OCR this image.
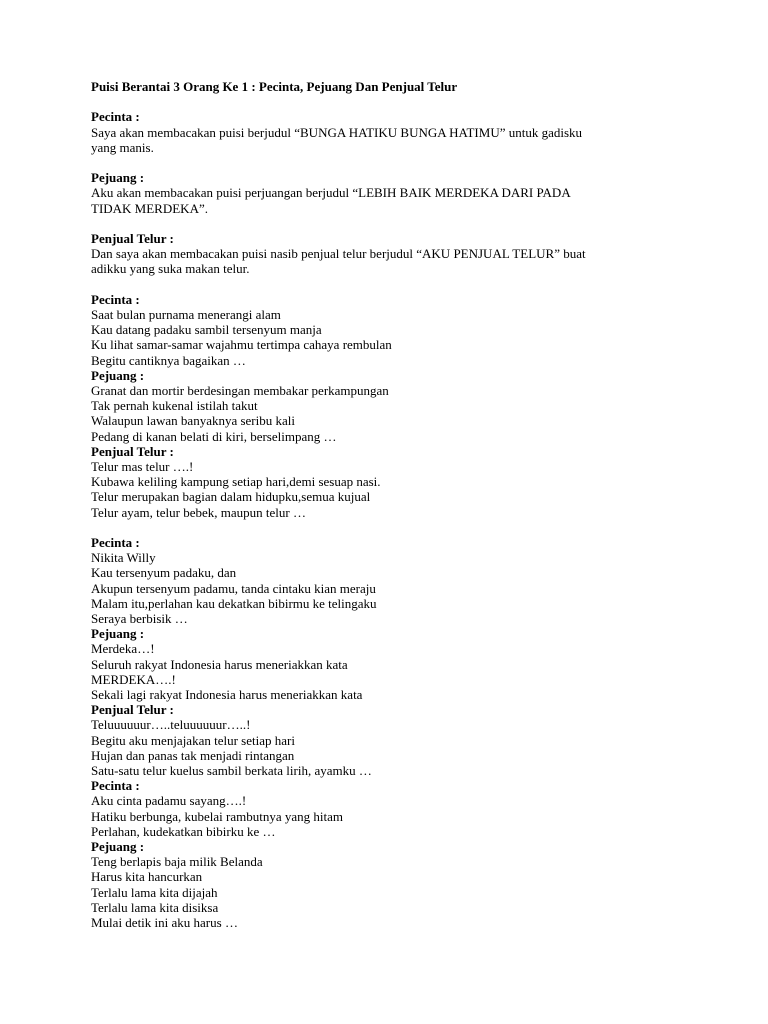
Puisi Berantai 3 Orang Ke 1 : Pecinta, Pejuang Dan Penjual Telur
Pecinta :
Saya akan membacakan puisi berjudul “BUNGA HATIKU BUNGA HATIMU” untuk gadisku
yang manis.
Pejuang :
Aku akan membacakan puisi perjuangan berjudul “LEBIH BAIK MERDEKA DARI PADA
TIDAK MERDEKA”.
Penjual Telur :
Dan saya akan membacakan puisi nasib penjual telur berjudul “AKU PENJUAL TELUR” buat
adikku yang suka makan telur.
Pecinta :
Saat bulan purnama menerangi alam
Kau datang padaku sambil tersenyum manja
Ku lihat samar-samar wajahmu tertimpa cahaya rembulan
Begitu cantiknya bagaikan …
Pejuang :
Granat dan mortir berdesingan membakar perkampungan
Tak pernah kukenal istilah takut
Walaupun lawan banyaknya seribu kali
Pedang di kanan belati di kiri, berselimpang …
Penjual Telur :
Telur mas telur ….!
Kubawa keliling kampung setiap hari,demi sesuap nasi.
Telur merupakan bagian dalam hidupku,semua kujual
Telur ayam, telur bebek, maupun telur …
Pecinta :
Nikita Willy
Kau tersenyum padaku, dan
Akupun tersenyum padamu, tanda cintaku kian meraju
Malam itu,perlahan kau dekatkan bibirmu ke telingaku
Seraya berbisik …
Pejuang :
Merdeka…!
Seluruh rakyat Indonesia harus meneriakkan kata
MERDEKA….!
Sekali lagi rakyat Indonesia harus meneriakkan kata
Penjual Telur :
Teluuuuuur…..teluuuuuur…..!
Begitu aku menjajakan telur setiap hari
Hujan dan panas tak menjadi rintangan
Satu-satu telur kuelus sambil berkata lirih, ayamku …
Pecinta :
Aku cinta padamu sayang….!
Hatiku berbunga, kubelai rambutnya yang hitam
Perlahan, kudekatkan bibirku ke …
Pejuang :
Teng berlapis baja milik Belanda
Harus kita hancurkan
Terlalu lama kita dijajah
Terlalu lama kita disiksa
Mulai detik ini aku harus …
